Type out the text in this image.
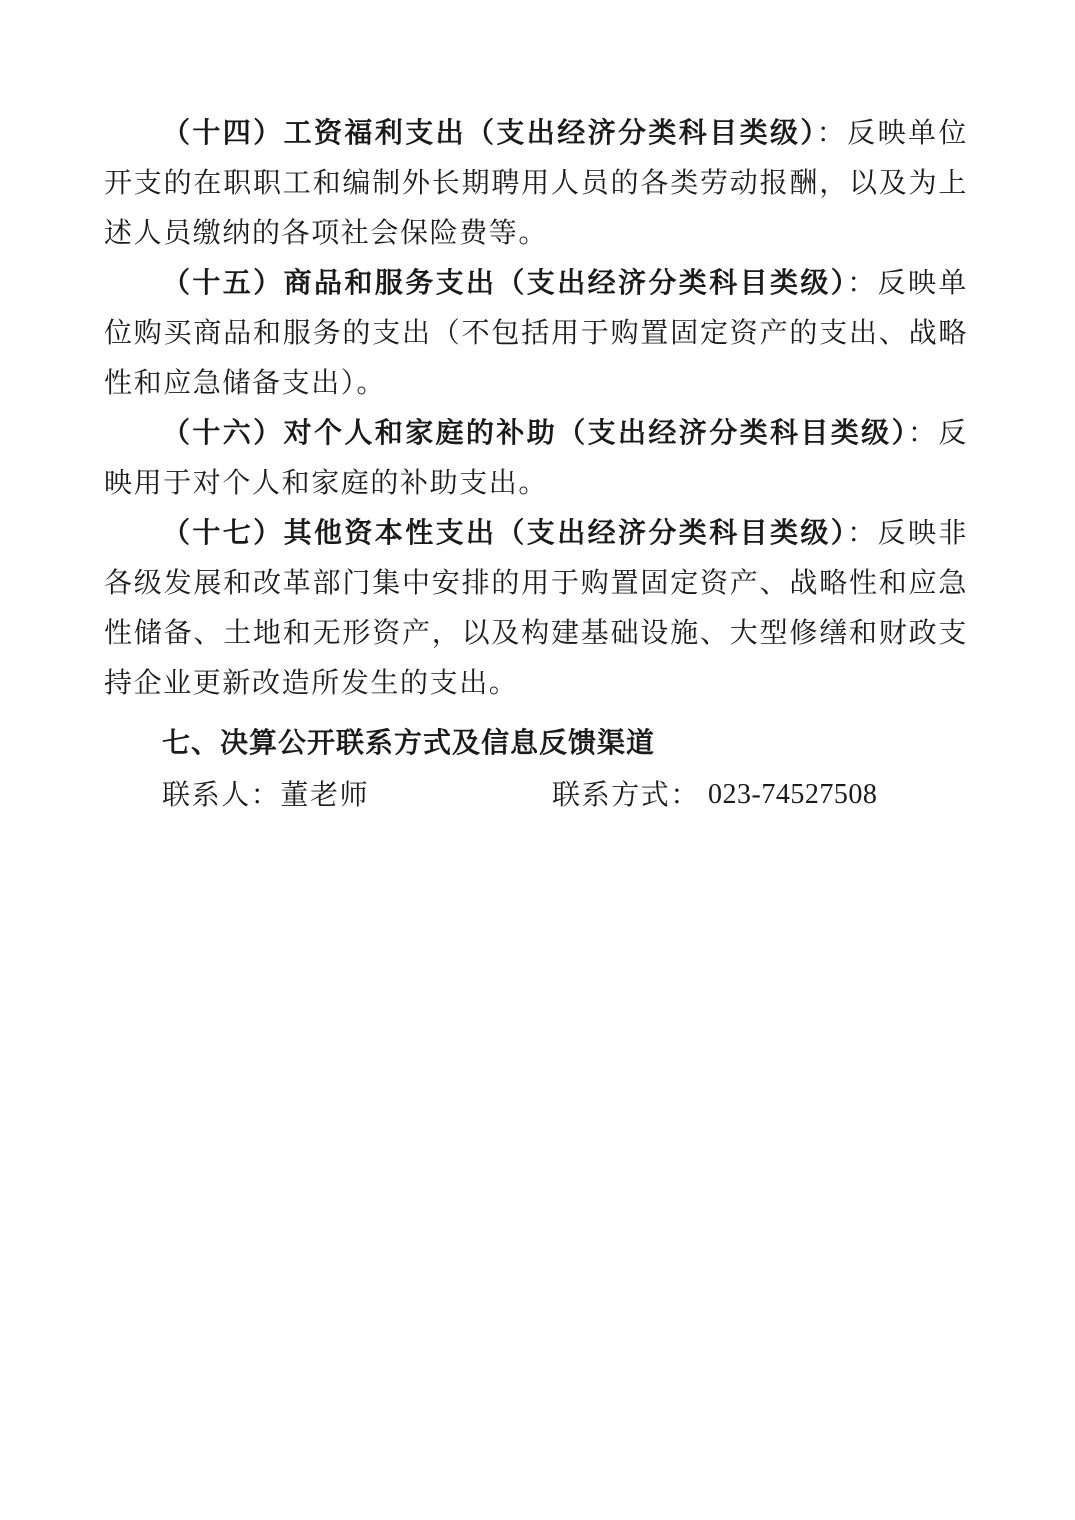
（十四）工资福利支出（支出经济分类科目类级）：反映单位开支的在职职工和编制外长期聘用人员的各类劳动报酬，以及为上述人员缴纳的各项社会保险费等。

（十五）商品和服务支出（支出经济分类科目类级）：反映单位购买商品和服务的支出（不包括用于购置固定资产的支出、战略性和应急储备支出）。

（十六）对个人和家庭的补助（支出经济分类科目类级）：反映用于对个人和家庭的补助支出。

（十七）其他资本性支出（支出经济分类科目类级）：反映非各级发展和改革部门集中安排的用于购置固定资产、战略性和应急性储备、土地和无形资产，以及构建基础设施、大型修缮和财政支持企业更新改造所发生的支出。

七、决算公开联系方式及信息反馈渠道
联系人：董老师	联系方式： 023-74527508
